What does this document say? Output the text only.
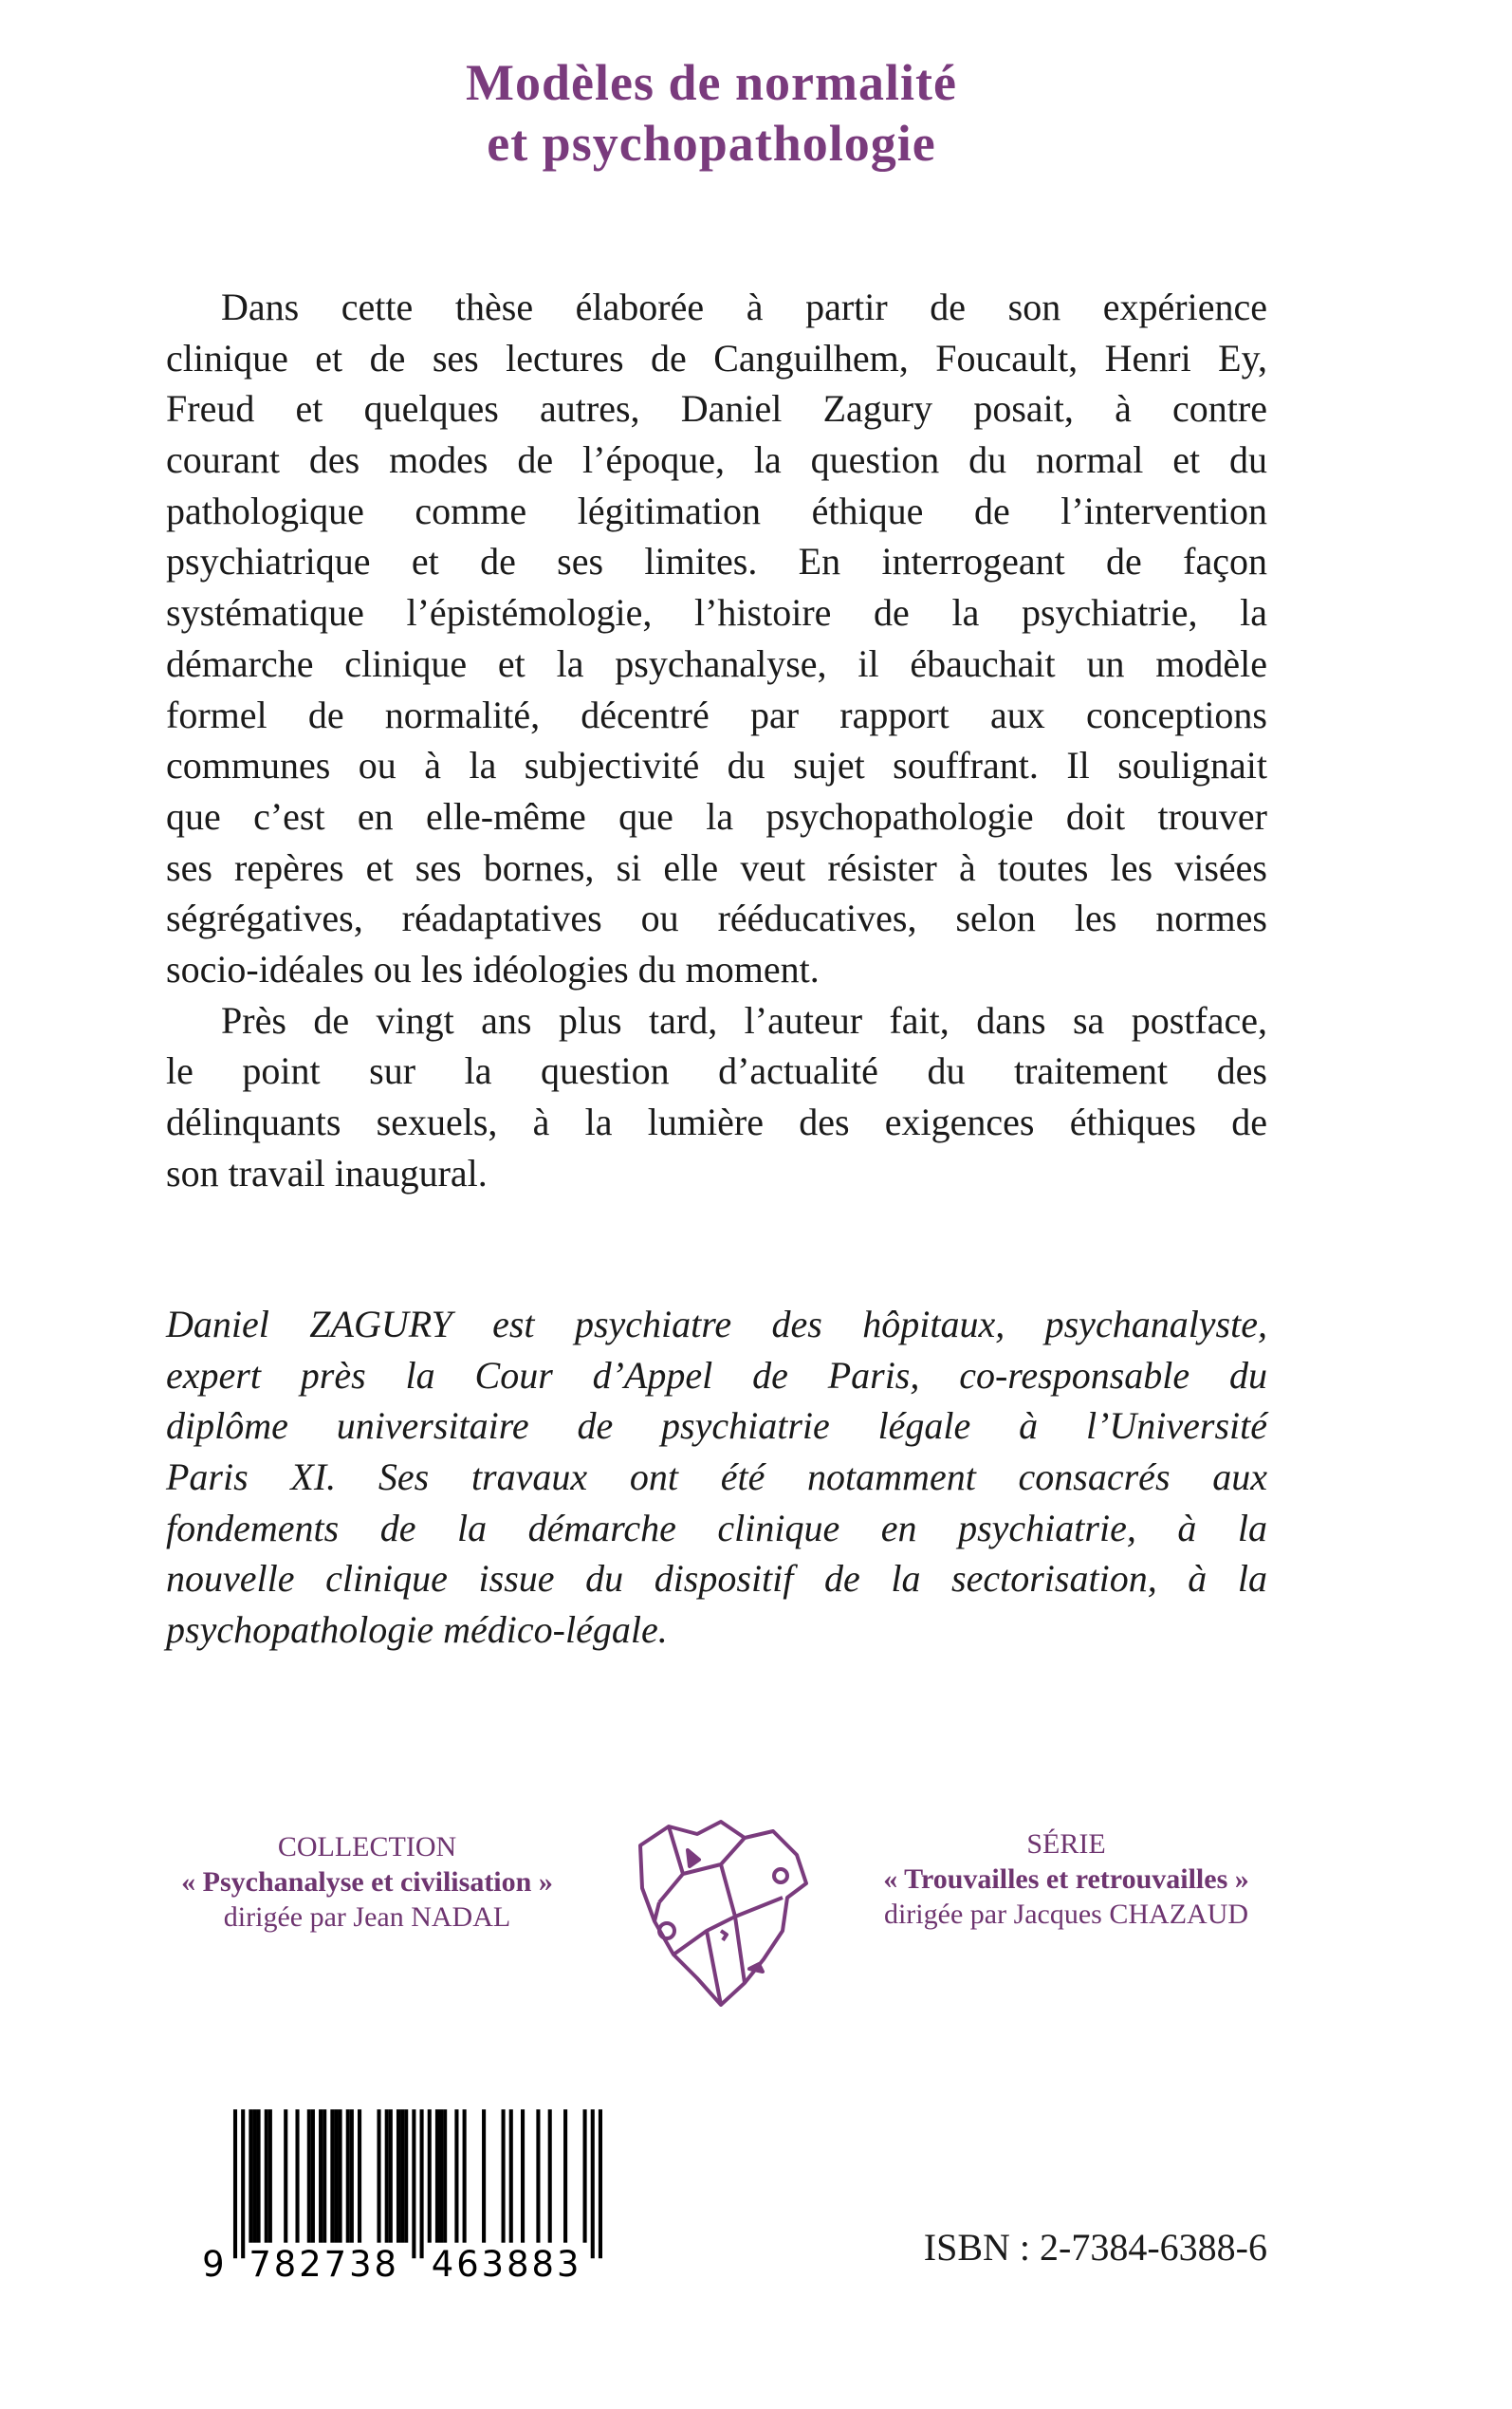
Modèles de normalité
et psychopathologie
Dans cette thèse élaborée à partir de son expérience
clinique et de ses lectures de Canguilhem, Foucault, Henri Ey,
Freud et quelques autres, Daniel Zagury posait, à contre
courant des modes de l’époque, la question du normal et du
pathologique comme légitimation éthique de l’intervention
psychiatrique et de ses limites. En interrogeant de façon
systématique l’épistémologie, l’histoire de la psychiatrie, la
démarche clinique et la psychanalyse, il ébauchait un modèle
formel de normalité, décentré par rapport aux conceptions
communes ou à la subjectivité du sujet souffrant. Il soulignait
que c’est en elle-même que la psychopathologie doit trouver
ses repères et ses bornes, si elle veut résister à toutes les visées
ségrégatives, réadaptatives ou rééducatives, selon les normes
socio-idéales ou les idéologies du moment.
Près de vingt ans plus tard, l’auteur fait, dans sa postface,
le point sur la question d’actualité du traitement des
délinquants sexuels, à la lumière des exigences éthiques de
son travail inaugural.
Daniel ZAGURY est psychiatre des hôpitaux, psychanalyste,
expert près la Cour d’Appel de Paris, co-responsable du
diplôme universitaire de psychiatrie légale à l’Université
Paris XI. Ses travaux ont été notamment consacrés aux
fondements de la démarche clinique en psychiatrie, à la
nouvelle clinique issue du dispositif de la sectorisation, à la
psychopathologie médico-légale.
COLLECTION
« Psychanalyse et civilisation »
dirigée par Jean NADAL
SÉRIE
« Trouvailles et retrouvailles »
dirigée par Jacques CHAZAUD
9	782738	463883	ISBN : 2-7384-6388-6
